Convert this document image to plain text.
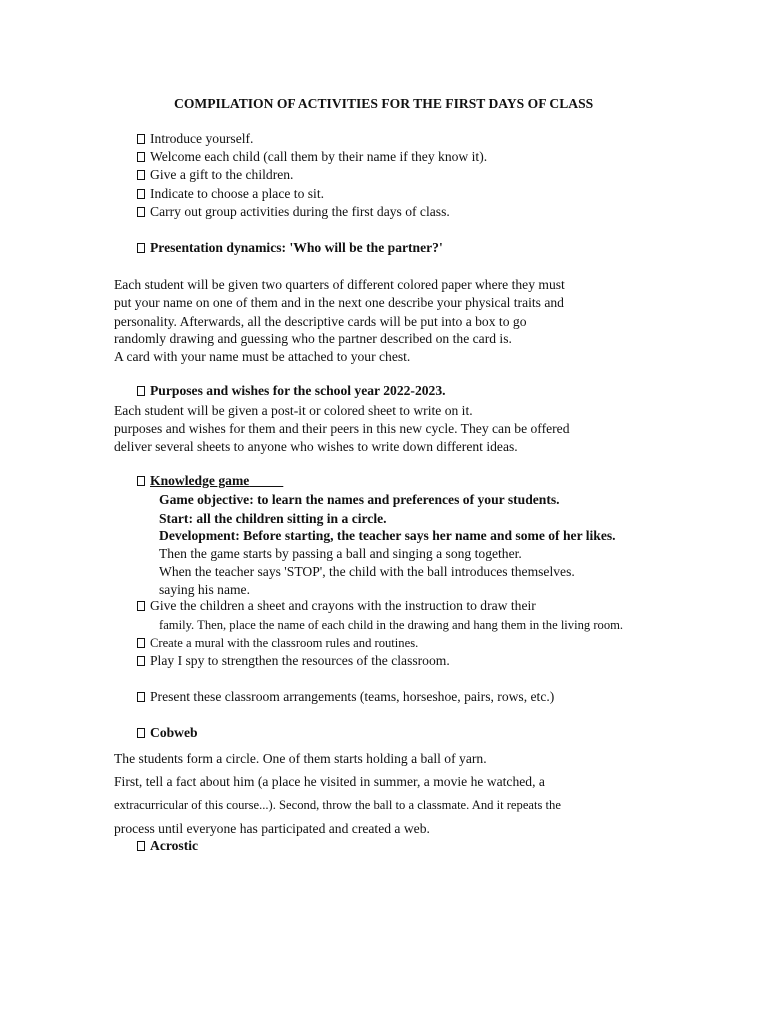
COMPILATION OF ACTIVITIES FOR THE FIRST DAYS OF CLASS
Introduce yourself.
Welcome each child (call them by their name if they know it).
Give a gift to the children.
Indicate to choose a place to sit.
Carry out group activities during the first days of class.
Presentation dynamics: 'Who will be the partner?'
Each student will be given two quarters of different colored paper where they must
put your name on one of them and in the next one describe your physical traits and
personality. Afterwards, all the descriptive cards will be put into a box to go
randomly drawing and guessing who the partner described on the card is.
A card with your name must be attached to your chest.
Purposes and wishes for the school year 2022-2023.
Each student will be given a post-it or colored sheet to write on it.
purposes and wishes for them and their peers in this new cycle. They can be offered
deliver several sheets to anyone who wishes to write down different ideas.
Knowledge game
Game objective: to learn the names and preferences of your students.
Start: all the children sitting in a circle.
Development: Before starting, the teacher says her name and some of her likes.
Then the game starts by passing a ball and singing a song together.
When the teacher says 'STOP', the child with the ball introduces themselves.
saying his name.
Give the children a sheet and crayons with the instruction to draw their
family. Then, place the name of each child in the drawing and hang them in the living room.
Create a mural with the classroom rules and routines.
Play I spy to strengthen the resources of the classroom.
Present these classroom arrangements (teams, horseshoe, pairs, rows, etc.)
Cobweb
The students form a circle. One of them starts holding a ball of yarn.
First, tell a fact about him (a place he visited in summer, a movie he watched, a
extracurricular of this course...). Second, throw the ball to a classmate. And it repeats the
process until everyone has participated and created a web.
Acrostic
